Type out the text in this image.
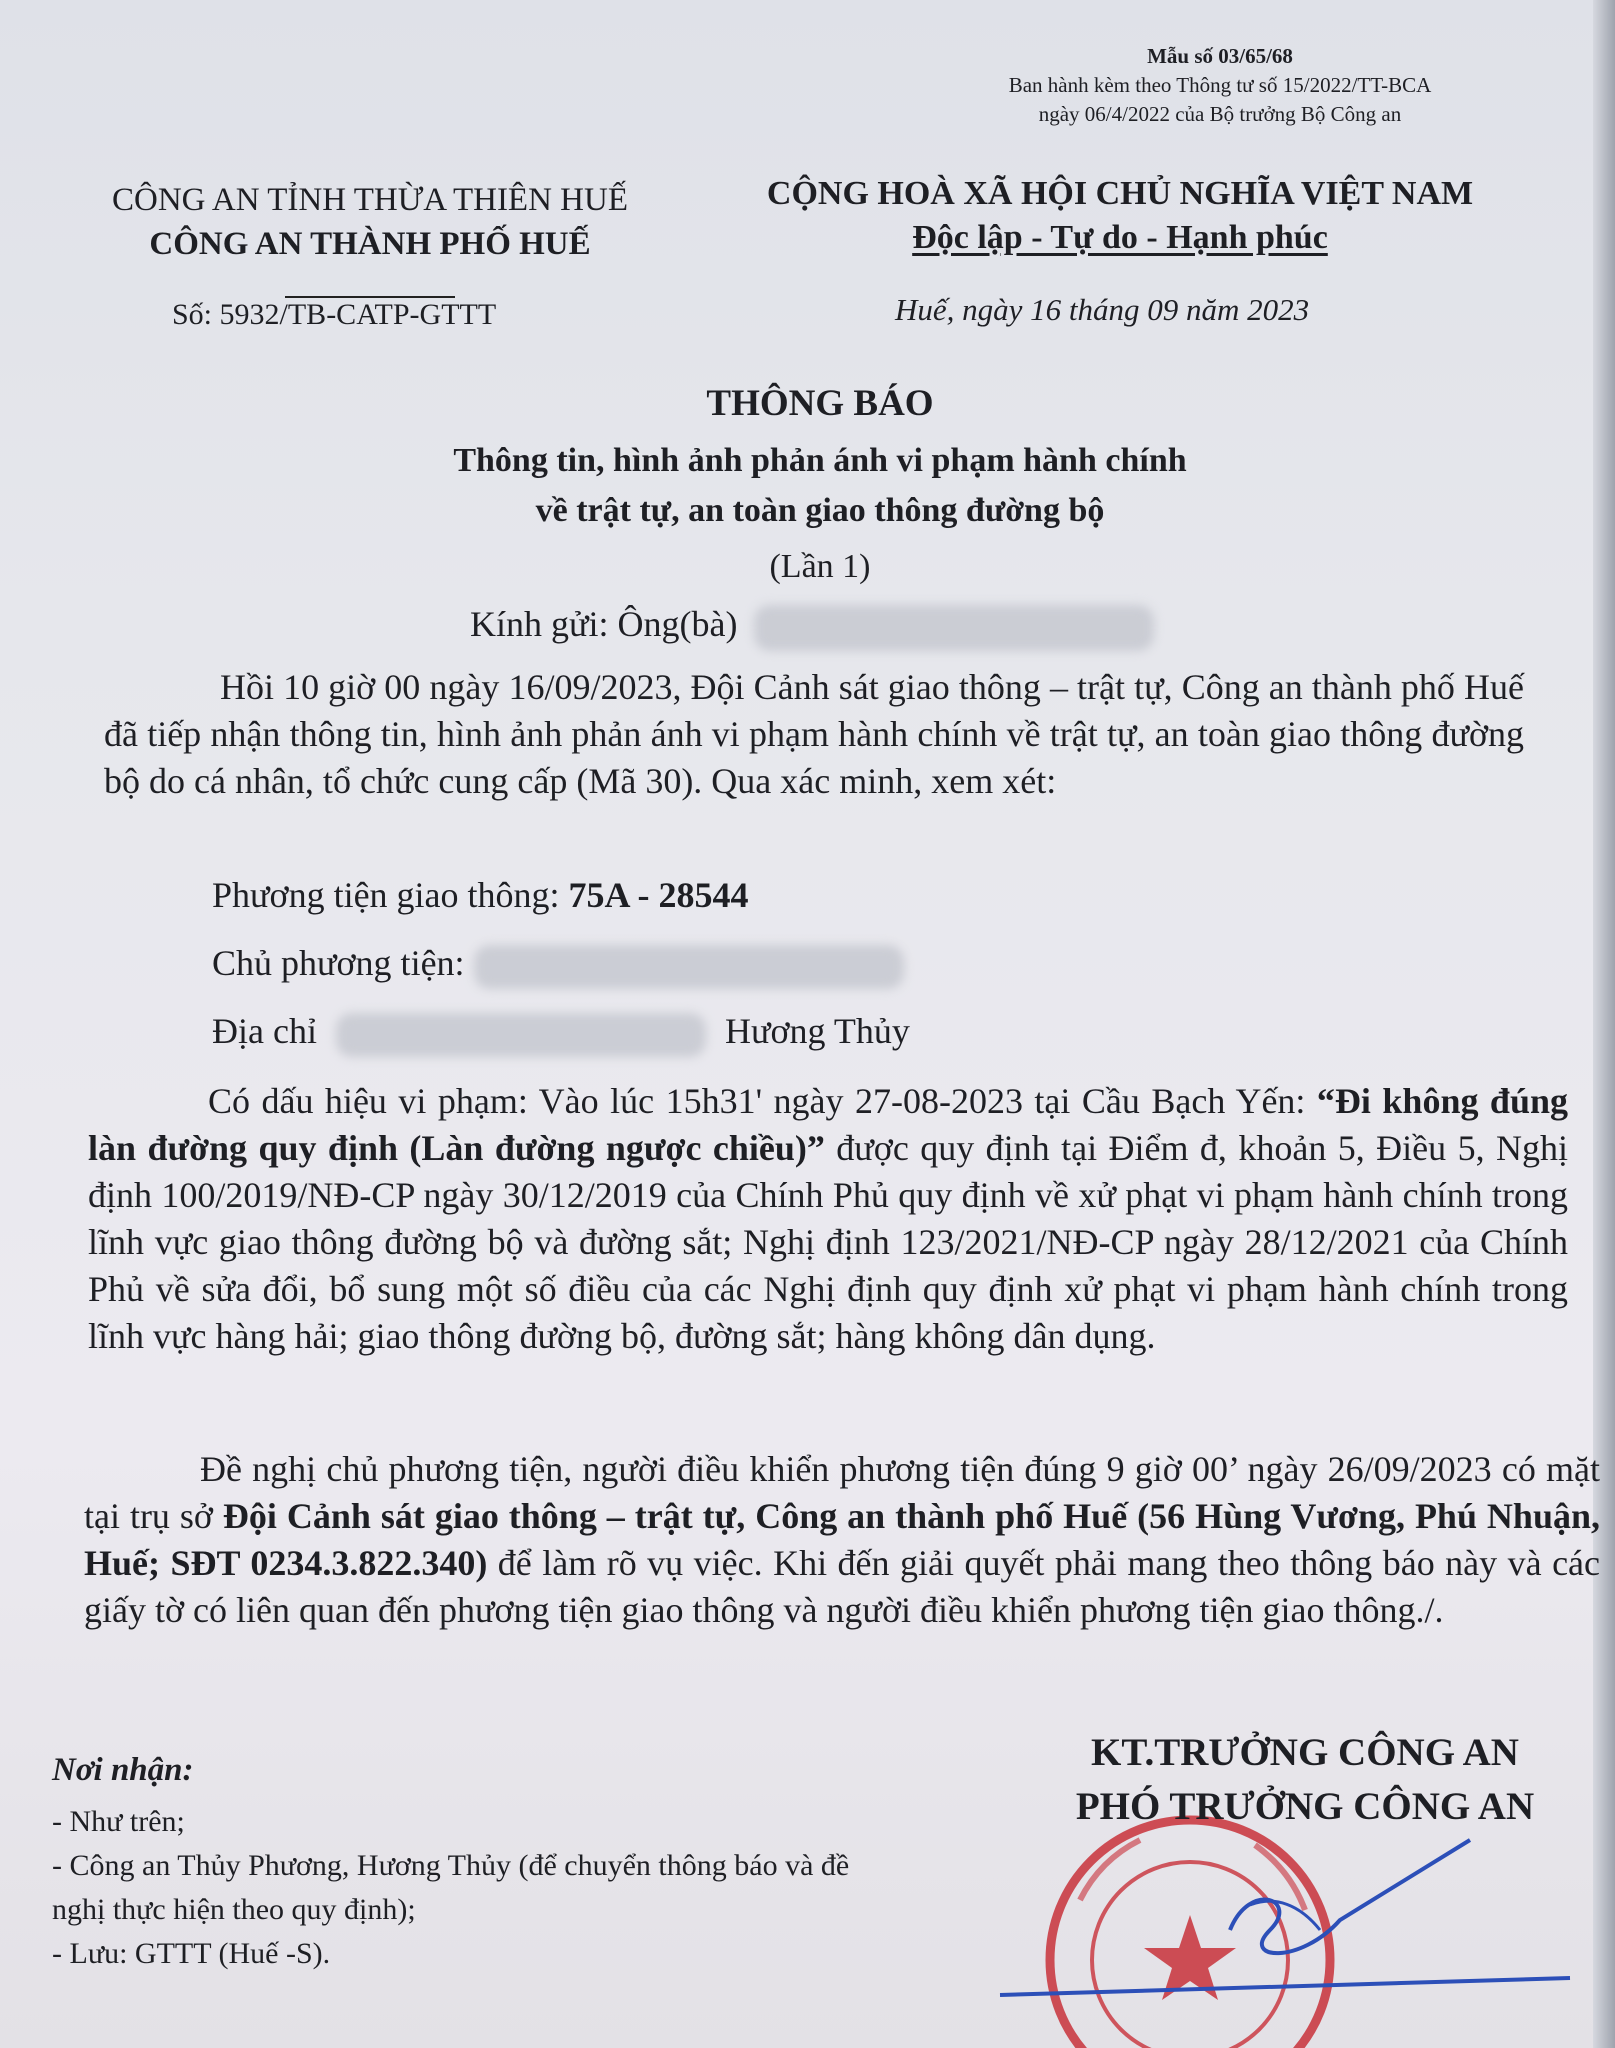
Mẫu số 03/65/68
Ban hành kèm theo Thông tư số 15/2022/TT-BCA
ngày 06/4/2022 của Bộ trưởng Bộ Công an
CÔNG AN TỈNH THỪA THIÊN HUẾ
CÔNG AN THÀNH PHỐ HUẾ
CỘNG HOÀ XÃ HỘI CHỦ NGHĨA VIỆT NAM
Độc lập - Tự do - Hạnh phúc
Số: 5932/TB-CATP-GTTT	Huế, ngày 16 tháng 09 năm 2023
THÔNG BÁO
Thông tin, hình ảnh phản ánh vi phạm hành chính
về trật tự, an toàn giao thông đường bộ
(Lần 1)
Kính gửi: Ông(bà)
Hồi 10 giờ 00 ngày 16/09/2023, Đội Cảnh sát giao thông – trật tự, Công an thành phố Huế đã tiếp nhận thông tin, hình ảnh phản ánh vi phạm hành chính về trật tự, an toàn giao thông đường bộ do cá nhân, tổ chức cung cấp (Mã 30). Qua xác minh, xem xét:
Phương tiện giao thông: 75A - 28544
Chủ phương tiện:
Địa chỉ	Hương Thủy
Có dấu hiệu vi phạm: Vào lúc 15h31' ngày 27-08-2023 tại Cầu Bạch Yến: “Đi không đúng làn đường quy định (Làn đường ngược chiều)” được quy định tại Điểm đ, khoản 5, Điều 5, Nghị định 100/2019/NĐ-CP ngày 30/12/2019 của Chính Phủ quy định về xử phạt vi phạm hành chính trong lĩnh vực giao thông đường bộ và đường sắt; Nghị định 123/2021/NĐ-CP ngày 28/12/2021 của Chính Phủ về sửa đổi, bổ sung một số điều của các Nghị định quy định xử phạt vi phạm hành chính trong lĩnh vực hàng hải; giao thông đường bộ, đường sắt; hàng không dân dụng.
Đề nghị chủ phương tiện, người điều khiển phương tiện đúng 9 giờ 00’ ngày 26/09/2023 có mặt tại trụ sở Đội Cảnh sát giao thông – trật tự, Công an thành phố Huế (56 Hùng Vương, Phú Nhuận, Huế; SĐT 0234.3.822.340) để làm rõ vụ việc. Khi đến giải quyết phải mang theo thông báo này và các giấy tờ có liên quan đến phương tiện giao thông và người điều khiển phương tiện giao thông./.
Nơi nhận:
- Như trên;
- Công an Thủy Phương, Hương Thủy (để chuyển thông báo và đề nghị thực hiện theo quy định);
- Lưu: GTTT (Huế -S).
KT.TRƯỞNG CÔNG AN
PHÓ TRƯỞNG CÔNG AN
